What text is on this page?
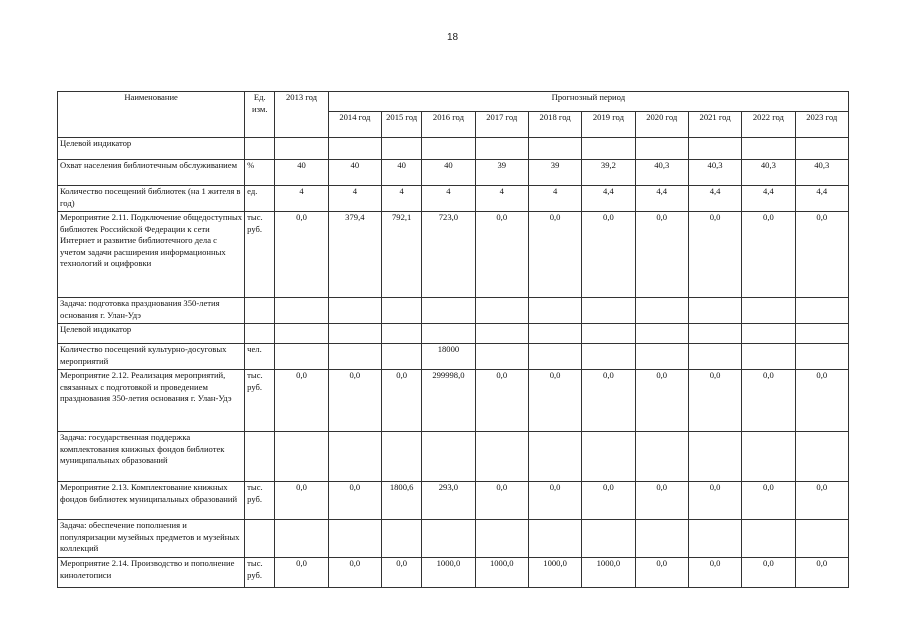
18
Наименование	Ед. изм.	2013 год	Прогнозный период									
			2014 год	2015 год	2016 год	2017 год	2018 год	2019 год	2020 год	2021 год	2022 год	2023 год
Целевой индикатор												
Охват населения библиотечным обслуживанием	%	40	40	40	40	39	39	39,2	40,3	40,3	40,3	40,3
Количество посещений библиотек (на 1 жителя в год)	ед.	4	4	4	4	4	4	4,4	4,4	4,4	4,4	4,4
Мероприятие 2.11. Подключение общедоступных библиотек Российской Федерации к сети Интернет и развитие библиотечного дела с учетом задачи расширения информационных технологий и оцифровки	тыс. руб.	0,0	379,4	792,1	723,0	0,0	0,0	0,0	0,0	0,0	0,0	0,0
Задача: подготовка празднования 350-летия основания г. Улан-Удэ												
Целевой индикатор												
Количество посещений культурно-досуговых мероприятий	чел.				18000							
Мероприятие 2.12. Реализация мероприятий, связанных с подготовкой и проведением празднования 350-летия основания г. Улан-Удэ	тыс. руб.	0,0	0,0	0,0	299998,0	0,0	0,0	0,0	0,0	0,0	0,0	0,0
Задача: государственная поддержка комплектования книжных фондов библиотек муниципальных образований												
Мероприятие 2.13. Комплектование книжных фондов библиотек муниципальных образований	тыс. руб.	0,0	0,0	1800,6	293,0	0,0	0,0	0,0	0,0	0,0	0,0	0,0
Задача: обеспечение пополнения и популяризации музейных предметов и музейных коллекций												
Мероприятие 2.14. Производство и пополнение кинолетописи	тыс. руб.	0,0	0,0	0,0	1000,0	1000,0	1000,0	1000,0	0,0	0,0	0,0	0,0
